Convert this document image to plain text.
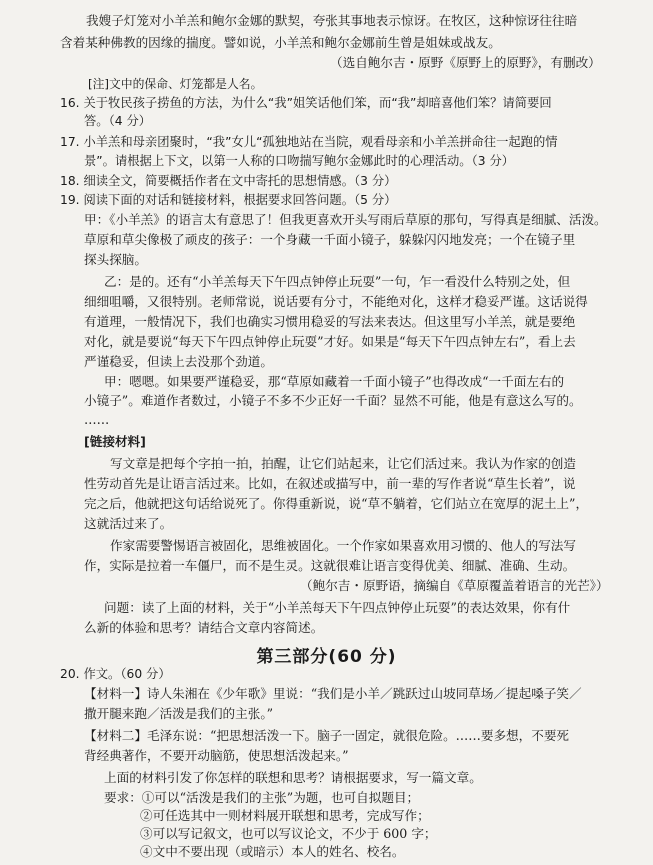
我嫂子灯笼对小羊羔和鲍尔金娜的默契，夸张其事地表示惊讶。在牧区，这种惊讶往往暗
含着某种佛教的因缘的揣度。譬如说，小羊羔和鲍尔金娜前生曾是姐妹或战友。
（选自鲍尔吉・原野《原野上的原野》，有删改）
[注]文中的保命、灯笼都是人名。
16. 关于牧民孩子捞鱼的方法，为什么“我”姐笑话他们笨，而“我”却暗喜他们笨？请简要回
答。（4 分）
17. 小羊羔和母亲团聚时，“我”女儿“孤独地站在当院，观看母亲和小羊羔拼命往一起跑的情
景”。请根据上下文，以第一人称的口吻揣写鲍尔金娜此时的心理活动。（3 分）
18. 细读全文，简要概括作者在文中寄托的思想情感。（3 分）
19. 阅读下面的对话和链接材料，根据要求回答问题。（5 分）
甲：《小羊羔》的语言太有意思了！但我更喜欢开头写雨后草原的那句，写得真是细腻、活泼。
草原和草尖像极了顽皮的孩子：一个身藏一千面小镜子，躲躲闪闪地发亮；一个在镜子里
探头探脑。
乙：是的。还有“小羊羔每天下午四点钟停止玩耍”一句，乍一看没什么特别之处，但
细细咀嚼，又很特别。老师常说，说话要有分寸，不能绝对化，这样才稳妥严谨。这话说得
有道理，一般情况下，我们也确实习惯用稳妥的写法来表达。但这里写小羊羔，就是要绝
对化，就是要说“每天下午四点钟停止玩耍”才好。如果是“每天下午四点钟左右”，看上去
严谨稳妥，但读上去没那个劲道。
甲：嗯嗯。如果要严谨稳妥，那“草原如藏着一千面小镜子”也得改成“一千面左右的
小镜子”。难道作者数过，小镜子不多不少正好一千面？显然不可能，他是有意这么写的。
……
[链接材料]
写文章是把每个字拍一拍，拍醒，让它们站起来，让它们活过来。我认为作家的创造
性劳动首先是让语言活过来。比如，在叙述或描写中，前一辈的写作者说“草生长着”，说
完之后，他就把这句话给说死了。你得重新说，说“草不躺着，它们站立在宽厚的泥土上”，
这就活过来了。
作家需要警惕语言被固化，思维被固化。一个作家如果喜欢用习惯的、他人的写法写
作，实际是拉着一车僵尸，而不是生灵。这就很难让语言变得优美、细腻、准确、生动。
（鲍尔吉・原野语，摘编自《草原覆盖着语言的光芒》）
问题：读了上面的材料，关于“小羊羔每天下午四点钟停止玩耍”的表达效果，你有什
么新的体验和思考？请结合文章内容简述。
第三部分(60 分)
20. 作文。（60 分）
【材料一】诗人朱湘在《少年歌》里说：“我们是小羊／跳跃过山坡同草场／提起嗓子笑／
撒开腿来跑／活泼是我们的主张。”
【材料二】毛泽东说：“把思想活泼一下。脑子一固定，就很危险。……要多想，不要死
背经典著作，不要开动脑筋，使思想活泼起来。”
上面的材料引发了你怎样的联想和思考？请根据要求，写一篇文章。
要求：①可以“活泼是我们的主张”为题，也可自拟题目；
②可任选其中一则材料展开联想和思考，完成写作；
③可以写记叙文，也可以写议论文，不少于 600 字；
④文中不要出现（或暗示）本人的姓名、校名。
